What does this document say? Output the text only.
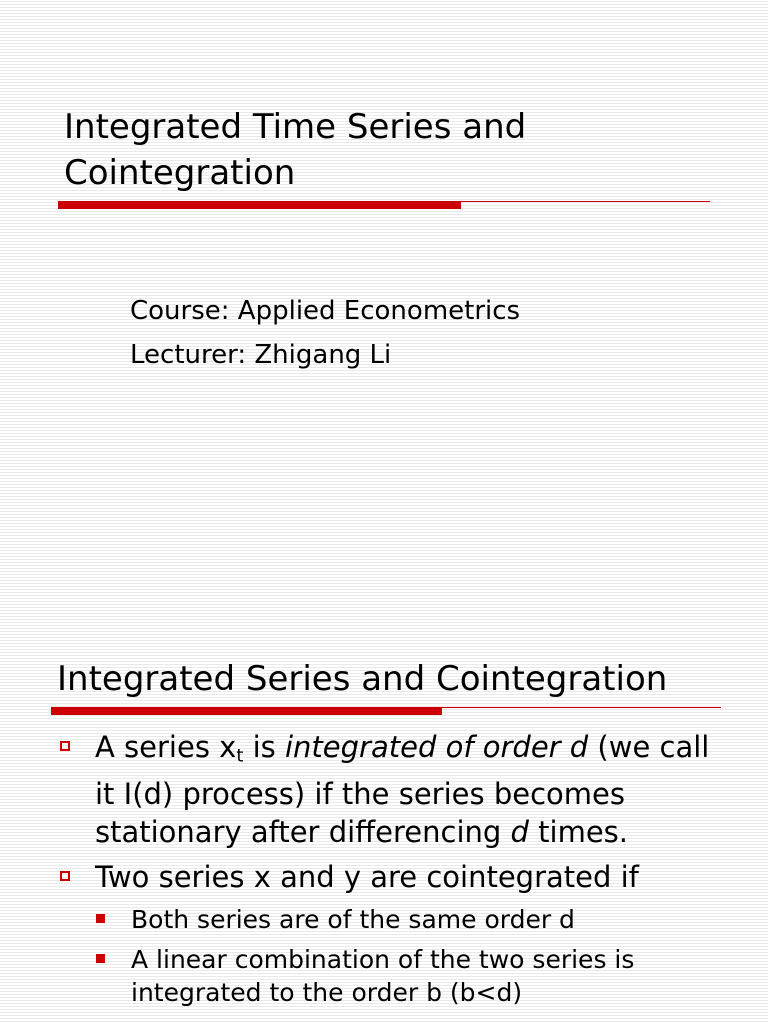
Integrated Time Series and
Cointegration
Course: Applied Econometrics
Lecturer: Zhigang Li
Integrated Series and Cointegration
A series xt is integrated of order d (we call it I(d) process) if the series becomes stationary after differencing d times.
Two series x and y are cointegrated if
Both series are of the same order d
A linear combination of the two series is integrated to the order b (b<d)
